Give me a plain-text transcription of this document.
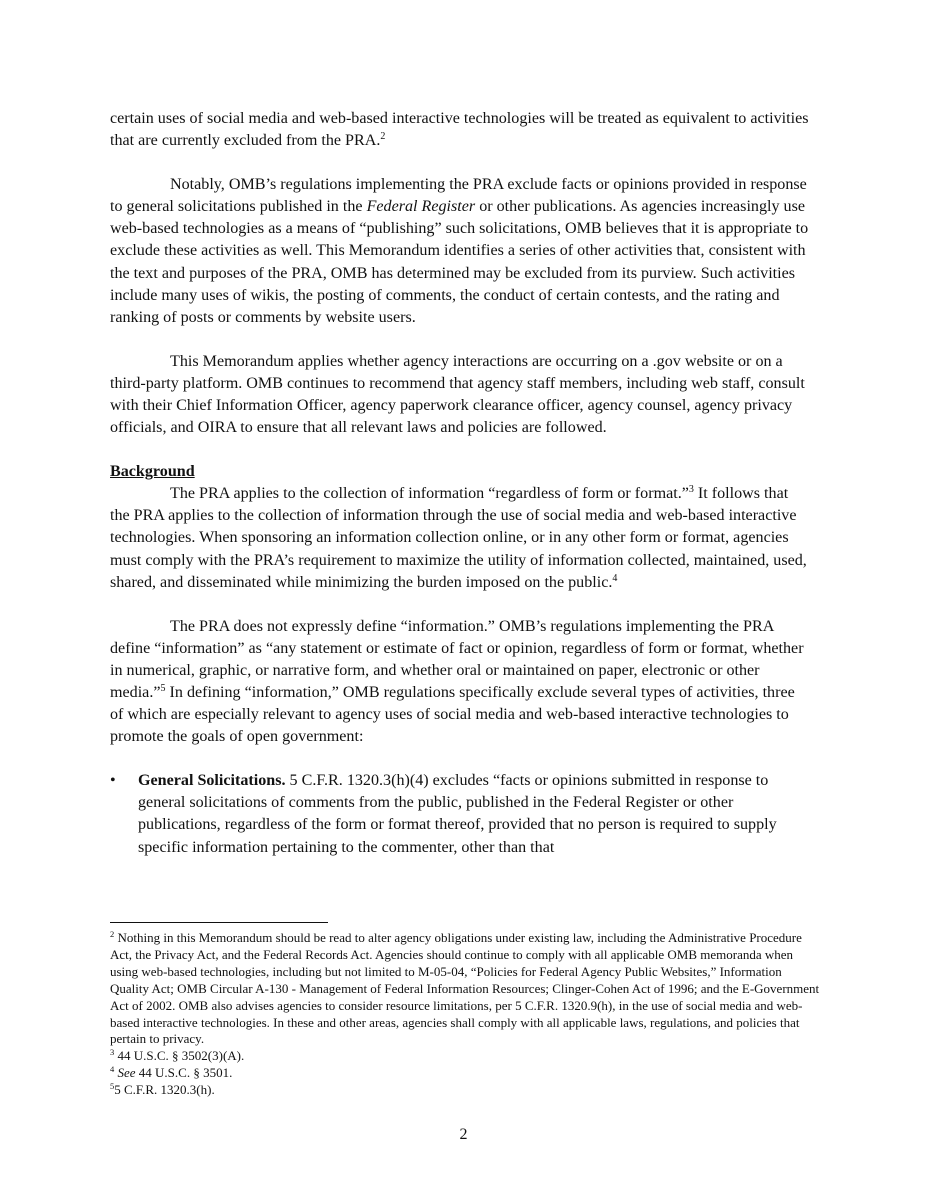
certain uses of social media and web-based interactive technologies will be treated as equivalent to activities that are currently excluded from the PRA.$^2$

Notably, OMB’s regulations implementing the PRA exclude facts or opinions provided in response to general solicitations published in the Federal Register or other publications. As agencies increasingly use web-based technologies as a means of “publishing” such solicitations, OMB believes that it is appropriate to exclude these activities as well. This Memorandum identifies a series of other activities that, consistent with the text and purposes of the PRA, OMB has determined may be excluded from its purview. Such activities include many uses of wikis, the posting of comments, the conduct of certain contests, and the rating and ranking of posts or comments by website users.

This Memorandum applies whether agency interactions are occurring on a .gov website or on a third-party platform. OMB continues to recommend that agency staff members, including web staff, consult with their Chief Information Officer, agency paperwork clearance officer, agency counsel, agency privacy officials, and OIRA to ensure that all relevant laws and policies are followed.

Background

The PRA applies to the collection of information “regardless of form or format.”$^3$ It follows that the PRA applies to the collection of information through the use of social media and web-based interactive technologies. When sponsoring an information collection online, or in any other form or format, agencies must comply with the PRA’s requirement to maximize the utility of information collected, maintained, used, shared, and disseminated while minimizing the burden imposed on the public.$^4$

The PRA does not expressly define “information.” OMB’s regulations implementing the PRA define “information” as “any statement or estimate of fact or opinion, regardless of form or format, whether in numerical, graphic, or narrative form, and whether oral or maintained on paper, electronic or other media.”$^5$ In defining “information,” OMB regulations specifically exclude several types of activities, three of which are especially relevant to agency uses of social media and web-based interactive technologies to promote the goals of open government:

• General Solicitations. 5 C.F.R. 1320.3(h)(4) excludes “facts or opinions submitted in response to general solicitations of comments from the public, published in the Federal Register or other publications, regardless of the form or format thereof, provided that no person is required to supply specific information pertaining to the commenter, other than that

$^2$ Nothing in this Memorandum should be read to alter agency obligations under existing law, including the Administrative Procedure Act, the Privacy Act, and the Federal Records Act. Agencies should continue to comply with all applicable OMB memoranda when using web-based technologies, including but not limited to M-05-04, “Policies for Federal Agency Public Websites,” Information Quality Act; OMB Circular A-130 - Management of Federal Information Resources; Clinger-Cohen Act of 1996; and the E-Government Act of 2002. OMB also advises agencies to consider resource limitations, per 5 C.F.R. 1320.9(h), in the use of social media and web-based interactive technologies. In these and other areas, agencies shall comply with all applicable laws, regulations, and policies that pertain to privacy.

$^3$ 44 U.S.C. § 3502(3)(A).

$^4$ See 44 U.S.C. § 3501.

$^5$5 C.F.R. 1320.3(h).

2
